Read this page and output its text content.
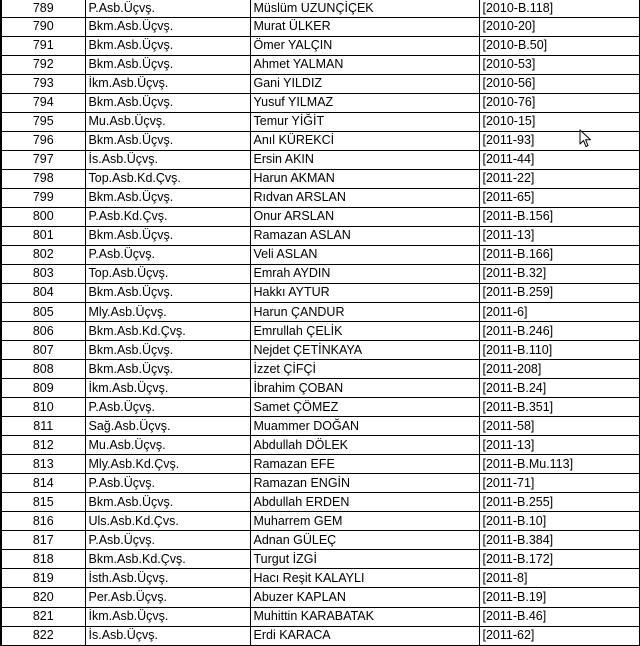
789	P.Asb.Üçvş.	Müslüm UZUNÇİÇEK	[2010-B.118]
790	Bkm.Asb.Üçvş.	Murat ÜLKER	[2010-20]
791	Bkm.Asb.Üçvş.	Ömer YALÇIN	[2010-B.50]
792	Bkm.Asb.Üçvş.	Ahmet YALMAN	[2010-53]
793	İkm.Asb.Üçvş.	Gani YILDIZ	[2010-56]
794	Bkm.Asb.Üçvş.	Yusuf YILMAZ	[2010-76]
795	Mu.Asb.Üçvş.	Temur YİĞİT	[2010-15]
796	Bkm.Asb.Üçvş.	Anıl KÜREKCİ	[2011-93]
797	İs.Asb.Üçvş.	Ersin AKIN	[2011-44]
798	Top.Asb.Kd.Çvş.	Harun AKMAN	[2011-22]
799	Bkm.Asb.Üçvş.	Rıdvan ARSLAN	[2011-65]
800	P.Asb.Kd.Çvş.	Onur ARSLAN	[2011-B.156]
801	Bkm.Asb.Üçvş.	Ramazan ASLAN	[2011-13]
802	P.Asb.Üçvş.	Veli ASLAN	[2011-B.166]
803	Top.Asb.Üçvş.	Emrah AYDIN	[2011-B.32]
804	Bkm.Asb.Üçvş.	Hakkı AYTUR	[2011-B.259]
805	Mly.Asb.Üçvş.	Harun ÇANDUR	[2011-6]
806	Bkm.Asb.Kd.Çvş.	Emrullah ÇELİK	[2011-B.246]
807	Bkm.Asb.Üçvş.	Nejdet ÇETİNKAYA	[2011-B.110]
808	Bkm.Asb.Üçvş.	İzzet ÇİFÇİ	[2011-208]
809	İkm.Asb.Üçvş.	İbrahim ÇOBAN	[2011-B.24]
810	P.Asb.Üçvş.	Samet ÇÖMEZ	[2011-B.351]
811	Sağ.Asb.Üçvş.	Muammer DOĞAN	[2011-58]
812	Mu.Asb.Üçvş.	Abdullah DÖLEK	[2011-13]
813	Mly.Asb.Kd.Çvş.	Ramazan EFE	[2011-B.Mu.113]
814	P.Asb.Üçvş.	Ramazan ENGİN	[2011-71]
815	Bkm.Asb.Üçvş.	Abdullah ERDEN	[2011-B.255]
816	Uls.Asb.Kd.Çvs.	Muharrem GEM	[2011-B.10]
817	P.Asb.Üçvş.	Adnan GÜLEÇ	[2011-B.384]
818	Bkm.Asb.Kd.Çvş.	Turgut İZGİ	[2011-B.172]
819	İsth.Asb.Üçvş.	Hacı Reşit KALAYLI	[2011-8]
820	Per.Asb.Üçvş.	Abuzer KAPLAN	[2011-B.19]
821	İkm.Asb.Üçvş.	Muhittin KARABATAK	[2011-B.46]
822	İs.Asb.Üçvş.	Erdi KARACA	[2011-62]
